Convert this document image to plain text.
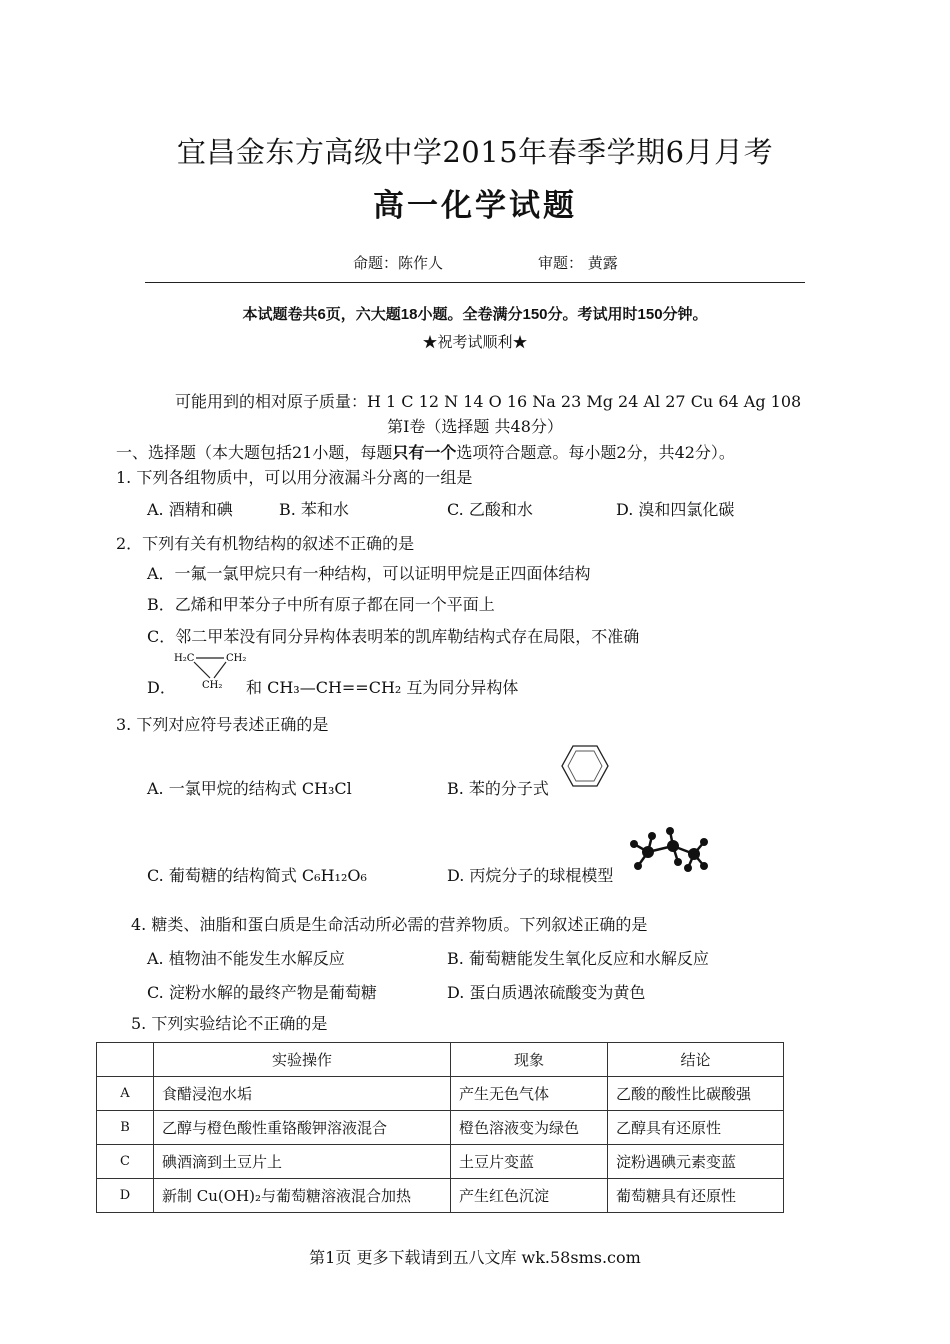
宜昌金东方高级中学2015年春季学期6月月考
高一化学试题
命题：陈作人	审题： 黄露
本试题卷共6页，六大题18小题。全卷满分150分。考试用时150分钟。
★祝考试顺利★
可能用到的相对原子质量：H 1 C 12 N 14 O 16 Na 23 Mg 24 Al 27 Cu 64 Ag 108
第Ⅰ卷（选择题 共48分）
一、选择题（本大题包括21小题，每题只有一个选项符合题意。每小题2分，共42分）。
1. 下列各组物质中，可以用分液漏斗分离的一组是
A. 酒精和碘	B. 苯和水	C. 乙酸和水	D. 溴和四氯化碳
2．下列有关有机物结构的叙述不正确的是
A．一氟一氯甲烷只有一种结构，可以证明甲烷是正四面体结构
B．乙烯和甲苯分子中所有原子都在同一个平面上
C．邻二甲苯没有同分异构体表明苯的凯库勒结构式存在局限，不准确
D．
H₂C	CH₂
CH₂ 和 CH₃—CH==CH₂ 互为同分异构体
3. 下列对应符号表述正确的是
A. 一氯甲烷的结构式 CH₃Cl	B. 苯的分子式
C. 葡萄糖的结构简式 C₆H₁₂O₆	D. 丙烷分子的球棍模型
4. 糖类、油脂和蛋白质是生命活动所必需的营养物质。下列叙述正确的是
A. 植物油不能发生水解反应	B. 葡萄糖能发生氧化反应和水解反应
C. 淀粉水解的最终产物是葡萄糖	D. 蛋白质遇浓硫酸变为黄色
5. 下列实验结论不正确的是
	实验操作	现象	结论
A	食醋浸泡水垢	产生无色气体	乙酸的酸性比碳酸强
B	乙醇与橙色酸性重铬酸钾溶液混合	橙色溶液变为绿色	乙醇具有还原性
C	碘酒滴到土豆片上	土豆片变蓝	淀粉遇碘元素变蓝
D	新制 Cu(OH)₂与葡萄糖溶液混合加热	产生红色沉淀	葡萄糖具有还原性
第1页 更多下载请到五八文库 wk.58sms.com
